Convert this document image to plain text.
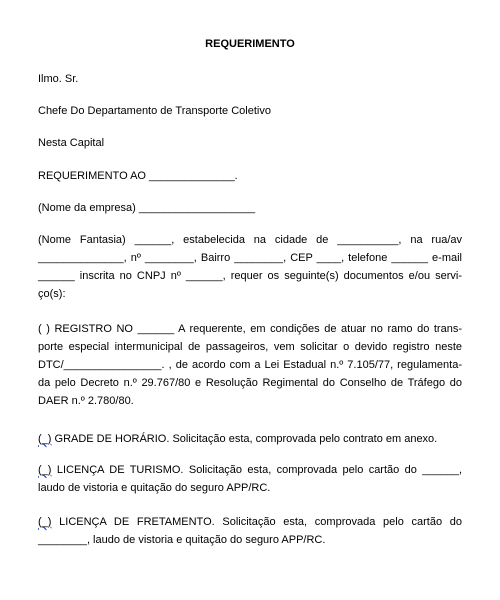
REQUERIMENTO
Ilmo. Sr.
Chefe Do Departamento de Transporte Coletivo
Nesta Capital
REQUERIMENTO AO ______________.
(Nome da empresa) ___________________
(Nome Fantasia) ______, estabelecida na cidade de __________, na rua/av
______________, nº ________, Bairro ________, CEP ____, telefone ______ e-mail
______ inscrita no CNPJ nº ______, requer os seguinte(s) documentos e/ou servi-
ço(s):
( ) REGISTRO NO ______ A requerente, em condições de atuar no ramo do trans-
porte especial intermunicipal de passageiros, vem solicitar o devido registro neste
DTC/________________. , de acordo com a Lei Estadual n.º 7.105/77, regulamenta-
da pelo Decreto n.º 29.767/80 e Resolução Regimental do Conselho de Tráfego do
DAER n.º 2.780/80.
(_) GRADE DE HORÁRIO. Solicitação esta, comprovada pelo contrato em anexo.
(_) LICENÇA DE TURISMO. Solicitação esta, comprovada pelo cartão do ______,
laudo de vistoria e quitação do seguro APP/RC.
(_) LICENÇA DE FRETAMENTO. Solicitação esta, comprovada pelo cartão do
________, laudo de vistoria e quitação do seguro APP/RC.
